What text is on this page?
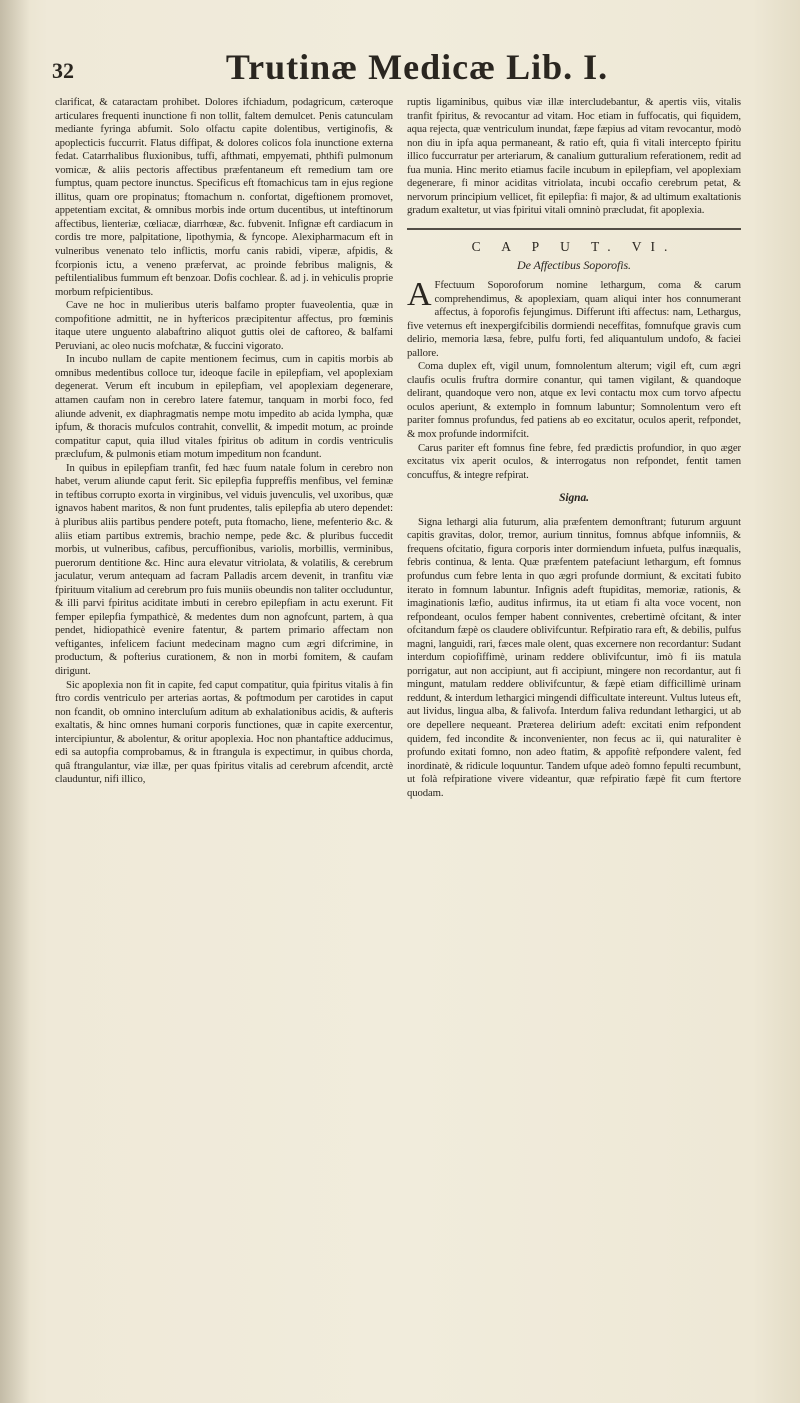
32	Trutinæ Medicæ Lib. I.

clarificat, & cataractam prohibet. Dolores ifchiadum, podagricum, cæteroque articulares frequenti inunctione fi non tollit, faltem demulcet. Penis catunculam mediante fyringa abfumit. Solo olfactu capite dolentibus, vertiginofis, & apoplecticis fuccurrit. Flatus diffipat, & dolores colicos fola inunctione externa fedat. Catarrhalibus fluxionibus, tuffi, afthmati, empyemati, phthifi pulmonum vomicæ, & aliis pectoris affectibus præfentaneum eft remedium tam ore fumptus, quam pectore inunctus. Specificus eft ftomachicus tam in ejus regione illitus, quam ore propinatus; ftomachum n. confortat, digeftionem promovet, appetentiam excitat, & omnibus morbis inde ortum ducentibus, ut inteftinorum affectibus, lienteriæ, cœliacæ, diarrhœæ, &c. fubvenit. Infignæ eft cardiacum in cordis tre more, palpitatione, lipothymia, & fyncope. Alexipharmacum eft in vulneribus venenato telo inflictis, morfu canis rabidi, viperæ, afpidis, & fcorpionis ictu, a veneno præfervat, ac proinde febribus malignis, & peftilentialibus fummum eft benzoar. Dofis cochlear. ß. ad j. in vehiculis proprie morbum refpicientibus.

Cave ne hoc in mulieribus uteris balfamo propter fuaveolentia, quæ in compofitione admittit, ne in hyftericos præcipitentur affectus, pro fœminis itaque utere unguento alabaftrino aliquot guttis olei de caftoreo, & balfami Peruviani, ac oleo nucis mofchatæ, & fuccini vigorato.

In incubo nullam de capite mentionem fecimus, cum in capitis morbis ab omnibus medentibus colloce tur, ideoque facile in epilepfiam, vel apoplexiam degenerat. Verum eft incubum in epilepfiam, vel apoplexiam degenerare, attamen caufam non in cerebro latere fatemur, tanquam in morbi foco, fed aliunde advenit, ex diaphragmatis nempe motu impedito ab acida lympha, quæ ipfum, & thoracis mufculos contrahit, convellit, & impedit motum, ac proinde compatitur caput, quia illud vitales fpiritus ob aditum in cordis ventriculis præclufum, & pulmonis etiam motum impeditum non fcandunt.

In quibus in epilepfiam tranfit, fed hæc fuum natale folum in cerebro non habet, verum aliunde caput ferit. Sic epilepfia fuppreffis menfibus, vel feminæ in teftibus corrupto exorta in virginibus, vel viduis juvenculis, vel uxoribus, quæ ignavos habent maritos, & non funt prudentes, talis epilepfia ab utero dependet: à pluribus aliis partibus pendere poteft, puta ftomacho, liene, mefenterio &c. & aliis etiam partibus extremis, brachio nempe, pede &c. & pluribus fuccedit morbis, ut vulneribus, cafibus, percuffionibus, variolis, morbillis, verminibus, puerorum dentitione &c. Hinc aura elevatur vitriolata, & volatilis, & cerebrum jaculatur, verum antequam ad facram Palladis arcem devenit, in tranfitu viæ fpirituum vitalium ad cerebrum pro fuis muniis obeundis non taliter occluduntur, & illi parvi fpiritus aciditate imbuti in cerebro epilepfiam in actu exerunt. Fit femper epilepfia fympathicè, & medentes dum non agnofcunt, partem, à qua pendet, hidiopathicè evenire fatentur, & partem primario affectam non veftigantes, infelicem faciunt medecinam magno cum ægri difcrimine, in productum, & pofterius curationem, & non in morbi fomitem, & caufam dirigunt.

Sic apoplexia non fit in capite, fed caput compatitur, quia fpiritus vitalis à fin ftro cordis ventriculo per arterias aortas, & poftmodum per carotides in caput non fcandit, ob omnino intercluſum aditum ab exhalationibus acidis, & aufteris exaltatis, & hinc omnes humani corporis functiones, quæ in capite exercentur, intercipiuntur, & abolentur, & oritur apoplexia. Hoc non phantaftice adducimus, edi sa autopfia comprobamus, & in ftrangula is expectimur, in quibus chorda, quâ ftrangulantur, viæ illæ, per quas fpiritus vitalis ad cerebrum afcendit, arctè clauduntur, nifi illico,

ruptis ligaminibus, quibus viæ illæ intercludebantur, & apertis viis, vitalis tranfit fpiritus, & revocantur ad vitam. Hoc etiam in fuffocatis, qui fiquidem, aqua rejecta, quæ ventriculum inundat, fæpe fæpius ad vitam revocantur, modò non diu in ipfa aqua permaneant, & ratio eft, quia fi vitali intercepto fpiritu illico fuccurratur per arteriarum, & canalium gutturalium referationem, redit ad fua munia. Hinc merito etiamus facile incubum in epilepfiam, vel apoplexiam degenerare, fi minor aciditas vitriolata, incubi occafio cerebrum petat, & nervorum principium vellicet, fit epilepfia: fi major, & ad ultimum exaltationis gradum exaltetur, ut vias fpiritui vitali omninò præcludat, fit apoplexia.

C A P U T. VI.
De Affectibus Soporofis.

A Ffectuum Soporoforum nomine lethargum, coma & carum comprehendimus, & apoplexiam, quam aliqui inter hos connumerant affectus, à foporofis fejungimus. Differunt ifti affectus: nam, Lethargus, five veternus eft inexpergifcibilis dormiendi neceffitas, fomnufque gravis cum delirio, memoria læsa, febre, pulfu forti, fed aliquantulum undofo, & faciei pallore.

Coma duplex eft, vigil unum, fomnolentum alterum; vigil eft, cum ægri claufis oculis fruftra dormire conantur, qui tamen vigilant, & quandoque delirant, quandoque vero non, atque ex levi contactu mox cum torvo afpectu oculos aperiunt, & extemplo in fomnum labuntur; Somnolentum vero eft pariter fomnus profundus, fed patiens ab eo excitatur, oculos aperit, refpondet, & mox profunde indormifcit.

Carus pariter eft fomnus fine febre, fed prædictis profundior, in quo æger excitatus vix aperit oculos, & interrogatus non refpondet, fentit tamen concuffus, & integre refpirat.

Signa.

Signa lethargi alia futurum, alia præfentem demonftrant; futurum arguunt capitis gravitas, dolor, tremor, aurium tinnitus, fomnus abfque infomniis, & frequens ofcitatio, figura corporis inter dormiendum infueta, pulfus inæqualis, febris continua, & lenta. Quæ præfentem patefaciunt lethargum, eft fomnus profundus cum febre lenta in quo ægri profunde dormiunt, & excitati fubito iterato in fomnum labuntur. Infignis adeft ftupiditas, memoriæ, rationis, & imaginationis læfio, auditus infirmus, ita ut etiam fi alta voce vocent, non refpondeant, oculos femper habent conniventes, crebertimè ofcitant, & inter ofcitandum fæpè os claudere oblivifcuntur. Refpiratio rara eft, & debilis, pulfus magni, languidi, rari, fæces male olent, quas excernere non recordantur: Sudant interdum copiofiffimè, urinam reddere oblivifcuntur, imò fi iis matula porrigatur, aut non accipiunt, aut fi accipiunt, mingere non recordantur, aut fi mingunt, matulam reddere oblivifcuntur, & fæpè etiam difficillimè urinam reddunt, & interdum lethargici mingendi difficultate intereunt. Vultus luteus eft, aut lividus, lingua alba, & falivofa. Interdum faliva redundant lethargici, ut ab ore depellere nequeant. Præterea delirium adeft: excitati enim refpondent quidem, fed incondite & inconvenienter, non fecus ac ii, qui naturaliter è profundo exitati fomno, non adeo ftatim, & appofitè refpondere valent, fed inordinatè, & ridicule loquuntur. Tandem ufque adeò fomno fepulti recumbunt, ut folà refpiratione vivere videantur, quæ refpiratio fæpè fit cum ftertore quodam.
